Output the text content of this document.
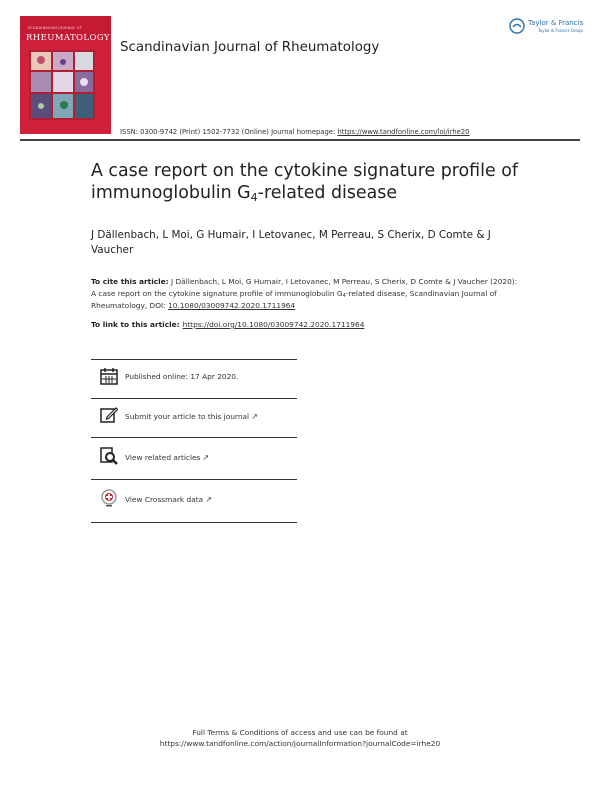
SCANDINAVIAN JOURNAL OF
RHEUMATOLOGY
Taylor & Francis
Taylor & Francis Group
Scandinavian Journal of Rheumatology
ISSN: 0300-9742 (Print) 1502-7732 (Online) Journal homepage: https://www.tandfonline.com/loi/irhe20
A case report on the cytokine signature profile of
immunoglobulin $G_4$-related disease
J Dällenbach, L Moi, G Humair, I Letovanec, M Perreau, S Cherix, D Comte & J Vaucher
To cite this article: J Dällenbach, L Moi, G Humair, I Letovanec, M Perreau, S Cherix, D Comte & J Vaucher (2020): A case report on the cytokine signature profile of immunoglobulin $G_4$-related disease, Scandinavian Journal of Rheumatology, DOI: 10.1080/03009742.2020.1711964
To link to this article: https://doi.org/10.1080/03009742.2020.1711964
Published online: 17 Apr 2020.
Submit your article to this journal ↗
View related articles ↗
View Crossmark data ↗
Full Terms & Conditions of access and use can be found at
https://www.tandfonline.com/action/journalInformation?journalCode=irhe20
